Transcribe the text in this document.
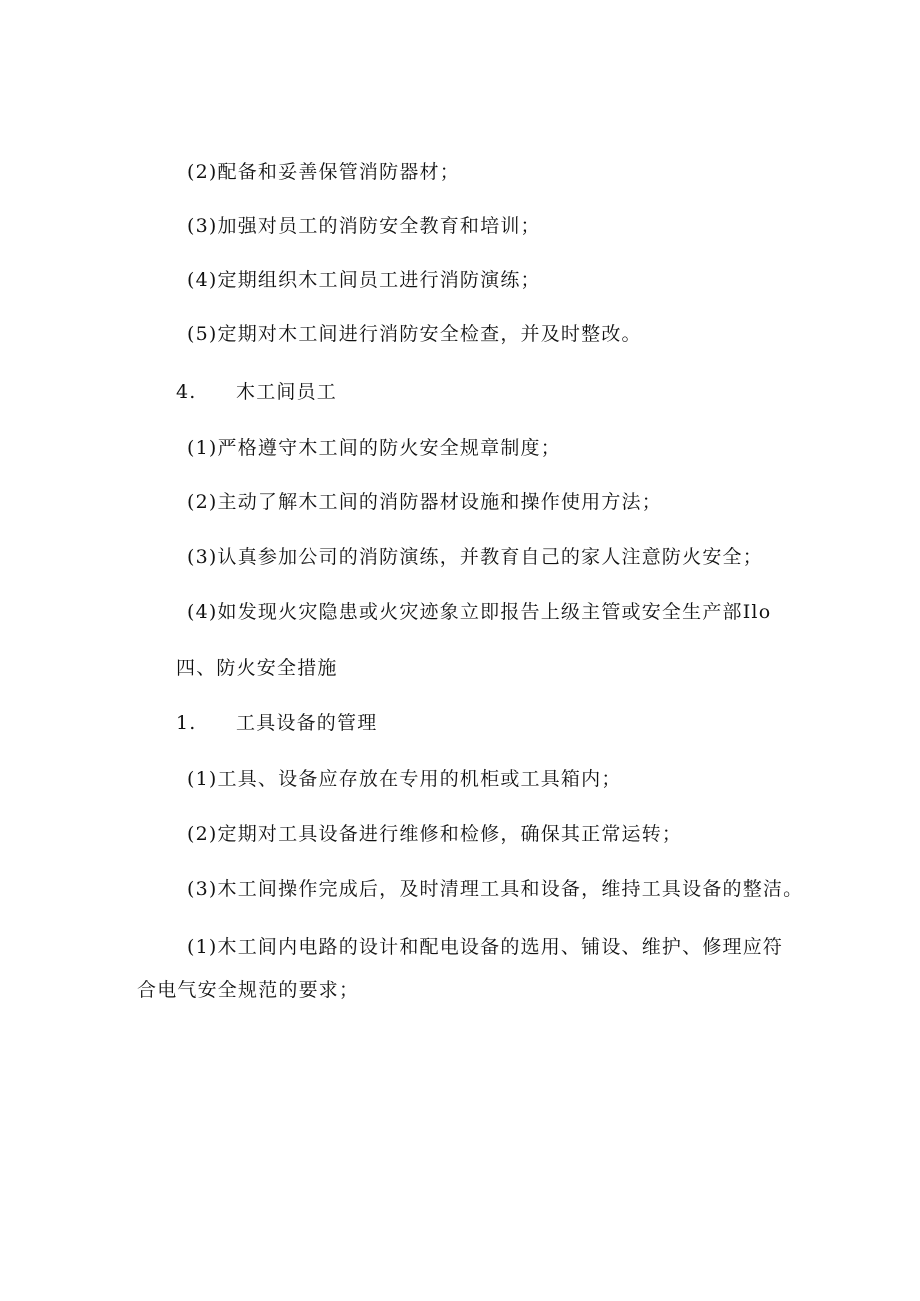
(2)配备和妥善保管消防器材；
(3)加强对员工的消防安全教育和培训；
(4)定期组织木工间员工进行消防演练；
(5)定期对木工间进行消防安全检查，并及时整改。
4. 木工间员工
(1)严格遵守木工间的防火安全规章制度；
(2)主动了解木工间的消防器材设施和操作使用方法；
(3)认真参加公司的消防演练，并教育自己的家人注意防火安全；
(4)如发现火灾隐患或火灾迹象立即报告上级主管或安全生产部Ilo
四、防火安全措施
1. 工具设备的管理
(1)工具、设备应存放在专用的机柜或工具箱内；
(2)定期对工具设备进行维修和检修，确保其正常运转；
(3)木工间操作完成后，及时清理工具和设备，维持工具设备的整洁。
(1)木工间内电路的设计和配电设备的选用、铺设、维护、修理应符
合电气安全规范的要求；
